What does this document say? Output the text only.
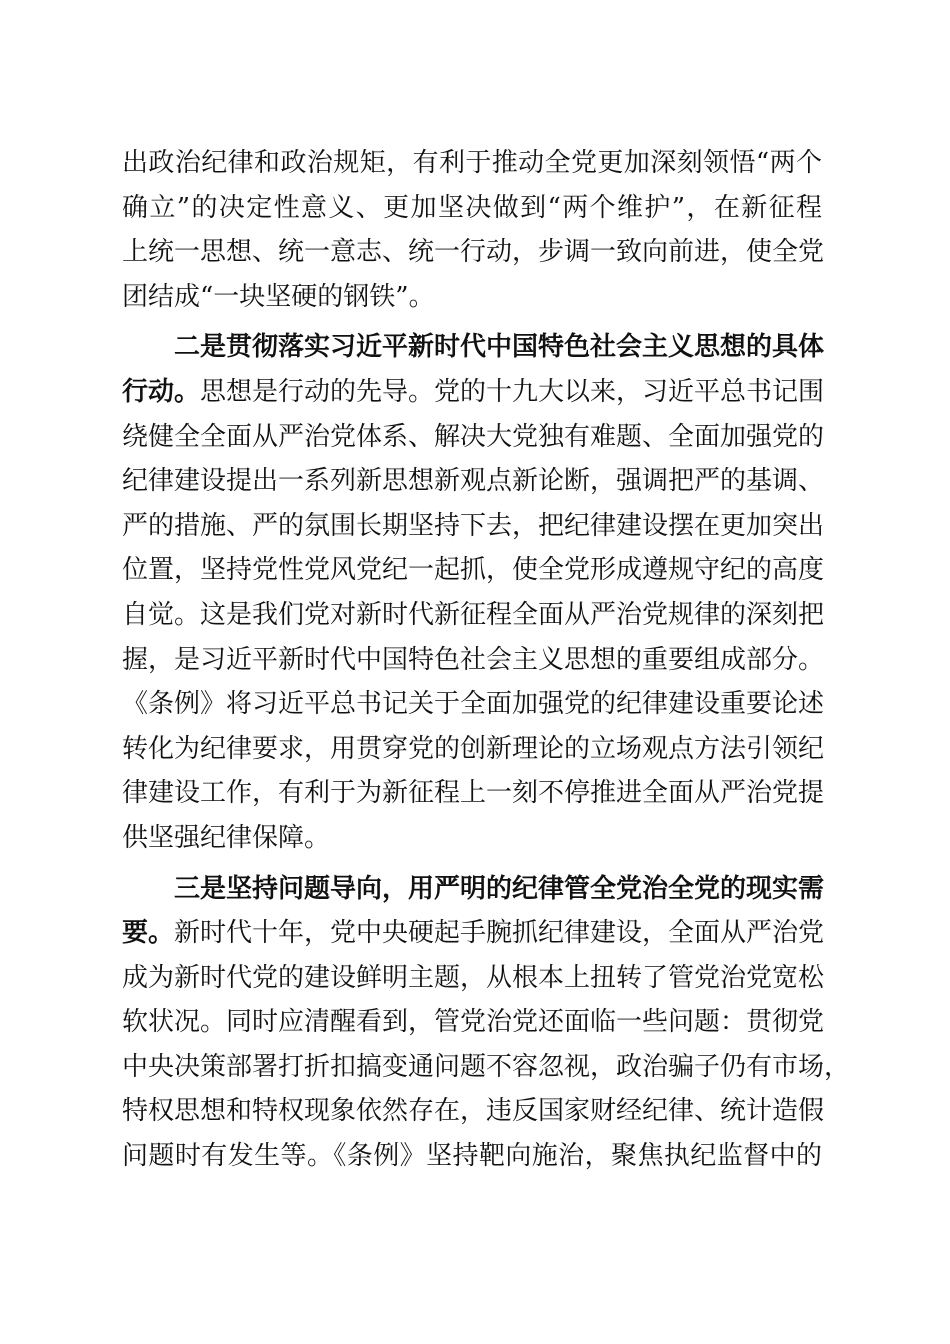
出政治纪律和政治规矩，有利于推动全党更加深刻领悟“两个
确立”的决定性意义、更加坚决做到“两个维护”，在新征程
上统一思想、统一意志、统一行动，步调一致向前进，使全党
团结成“一块坚硬的钢铁”。
二是贯彻落实习近平新时代中国特色社会主义思想的具体
行动。思想是行动的先导。党的十九大以来，习近平总书记围
绕健全全面从严治党体系、解决大党独有难题、全面加强党的
纪律建设提出一系列新思想新观点新论断，强调把严的基调、
严的措施、严的氛围长期坚持下去，把纪律建设摆在更加突出
位置，坚持党性党风党纪一起抓，使全党形成遵规守纪的高度
自觉。这是我们党对新时代新征程全面从严治党规律的深刻把
握，是习近平新时代中国特色社会主义思想的重要组成部分。
《条例》将习近平总书记关于全面加强党的纪律建设重要论述
转化为纪律要求，用贯穿党的创新理论的立场观点方法引领纪
律建设工作，有利于为新征程上一刻不停推进全面从严治党提
供坚强纪律保障。
三是坚持问题导向，用严明的纪律管全党治全党的现实需
要。新时代十年，党中央硬起手腕抓纪律建设，全面从严治党
成为新时代党的建设鲜明主题，从根本上扭转了管党治党宽松
软状况。同时应清醒看到，管党治党还面临一些问题：贯彻党
中央决策部署打折扣搞变通问题不容忽视，政治骗子仍有市场，
特权思想和特权现象依然存在，违反国家财经纪律、统计造假
问题时有发生等。《条例》坚持靶向施治，聚焦执纪监督中的
